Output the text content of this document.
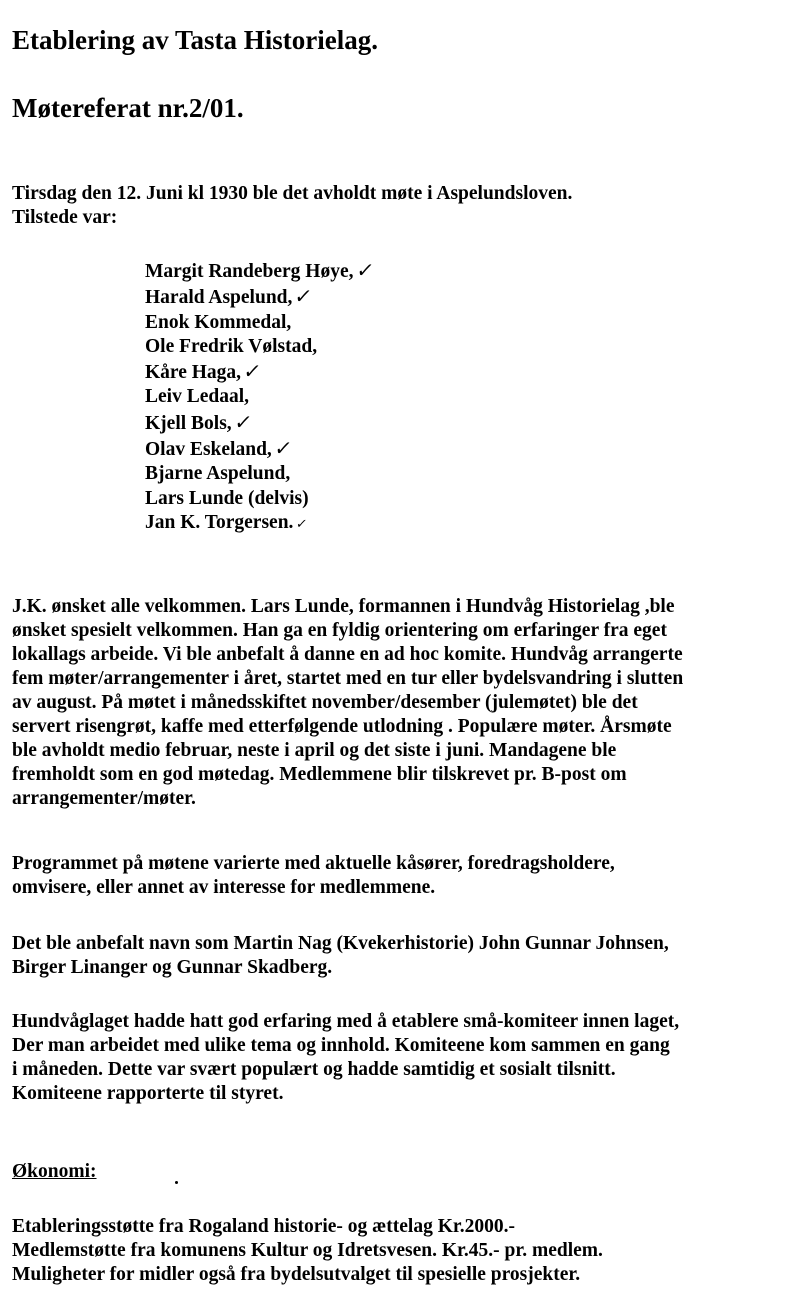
Etablering av Tasta Historielag.
Møtereferat nr.2/01.

Tirsdag den 12. Juni kl 1930 ble det avholdt møte i Aspelundsloven.

Tilstede var:

Margit Randeberg Høye,✓
Harald Aspelund,✓
Enok Kommedal,
Ole Fredrik Vølstad,
Kåre Haga,✓
Leiv Ledaal,
Kjell Bols,✓
Olav Eskeland,✓
Bjarne Aspelund,
Lars Lunde (delvis)
Jan K. Torgersen. ✓

J.K. ønsket alle velkommen. Lars Lunde, formannen i Hundvåg Historielag ,ble

ønsket spesielt velkommen. Han ga en fyldig orientering om erfaringer fra eget

lokallags arbeide. Vi ble anbefalt å danne en ad hoc komite. Hundvåg arrangerte

fem møter/arrangementer i året, startet med en tur eller bydelsvandring i slutten

av august. På møtet i månedsskiftet november/desember (julemøtet) ble det

servert risengrøt, kaffe med etterfølgende utlodning . Populære møter. Årsmøte

ble avholdt medio februar, neste i april og det siste i juni. Mandagene ble

fremholdt som en god møtedag. Medlemmene blir tilskrevet pr. B-post om

arrangementer/møter.

Programmet på møtene varierte med aktuelle kåsører, foredragsholdere,

omvisere, eller annet av interesse for medlemmene.

Det ble anbefalt navn som Martin Nag (Kvekerhistorie) John Gunnar Johnsen,

Birger Linanger og Gunnar Skadberg.

Hundvåglaget hadde hatt god erfaring med å etablere små-komiteer innen laget,

Der man arbeidet med ulike tema og innhold. Komiteene kom sammen en gang

i måneden. Dette var svært populært og hadde samtidig et sosialt tilsnitt.

Komiteene rapporterte til styret.

Økonomi:

Etableringsstøtte fra Rogaland historie- og ættelag Kr.2000.-

Medlemstøtte fra komunens Kultur og Idretsvesen. Kr.45.- pr. medlem.

Muligheter for midler også fra bydelsutvalget til spesielle prosjekter.
